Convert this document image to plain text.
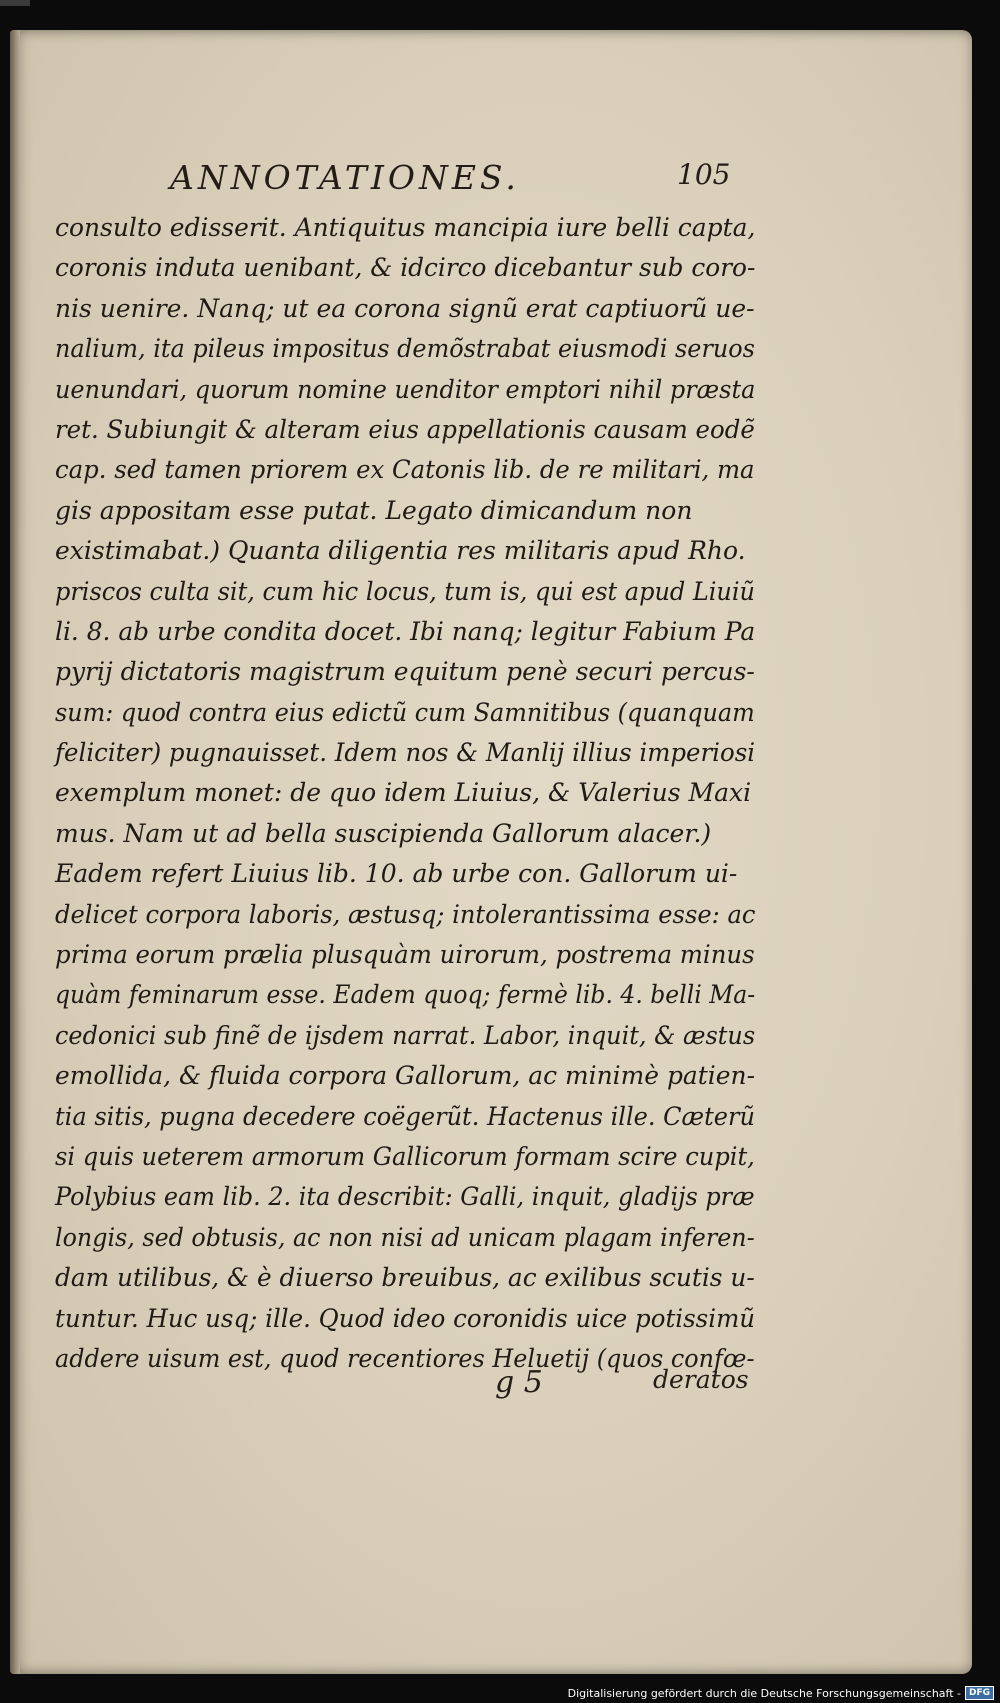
ANNOTATIONES.	105
consulto edisserit. Antiquitus mancipia iure belli capta,
coronis induta uenibant, & idcirco dicebantur sub coro-
nis uenire. Nanq; ut ea corona signũ erat captiuorũ ue-
nalium, ita pileus impositus demõstrabat eiusmodi seruos
uenundari, quorum nomine uenditor emptori nihil præsta
ret. Subiungit & alteram eius appellationis causam eodẽ
cap. sed tamen priorem ex Catonis lib. de re militari, ma
gis appositam esse putat. Legato dimicandum non
existimabat.) Quanta diligentia res militaris apud Rho.
priscos culta sit, cum hic locus, tum is, qui est apud Liuiũ
li. 8. ab urbe condita docet. Ibi nanq; legitur Fabium Pa
pyrij dictatoris magistrum equitum penè securi percus-
sum: quod contra eius edictũ cum Samnitibus (quanquam
feliciter) pugnauisset. Idem nos & Manlij illius imperiosi
exemplum monet: de quo idem Liuius, & Valerius Maxi
mus. Nam ut ad bella suscipienda Gallorum alacer.)
Eadem refert Liuius lib. 10. ab urbe con. Gallorum ui-
delicet corpora laboris, æstusq; intolerantissima esse: ac
prima eorum prælia plusquàm uirorum, postrema minus
quàm feminarum esse. Eadem quoq; fermè lib. 4. belli Ma-
cedonici sub finẽ de ijsdem narrat. Labor, inquit, & æstus
emollida, & fluida corpora Gallorum, ac minimè patien-
tia sitis, pugna decedere coëgerũt. Hactenus ille. Cæterũ
si quis ueterem armorum Gallicorum formam scire cupit,
Polybius eam lib. 2. ita describit: Galli, inquit, gladijs præ
longis, sed obtusis, ac non nisi ad unicam plagam inferen-
dam utilibus, & è diuerso breuibus, ac exilibus scutis u-
tuntur. Huc usq; ille. Quod ideo coronidis uice potissimũ
addere uisum est, quod recentiores Heluetij (quos confœ-
g 5	deratos
Digitalisierung gefördert durch die Deutsche Forschungsgemeinschaft - DFG
